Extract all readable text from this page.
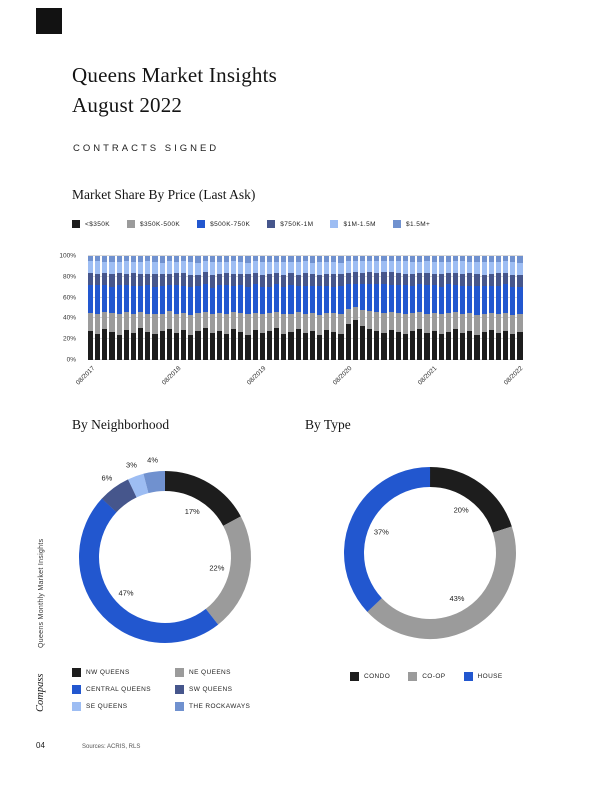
Queens Market Insights
August 2022
CONTRACTS SIGNED
Market Share By Price (Last Ask)
<$350K	$350K-500K	$500K-750K	$750K-1M	$1M-1.5M	$1.5M+
0%
20%
40%
60%
80%
100%
08/2017	08/2018	08/2019	08/2020	08/2021	08/2022
By Neighborhood	By Type
17%
22%
47%
6%
3%
4%
20%
43%
37%
NW QUEENS	NE QUEENS
CENTRAL QUEENS	SW QUEENS
SE QUEENS	THE ROCKAWAYS
CONDO	CO-OP	HOUSE
Queens Monthly Market Insights
Compass
04	Sources: ACRIS, RLS
